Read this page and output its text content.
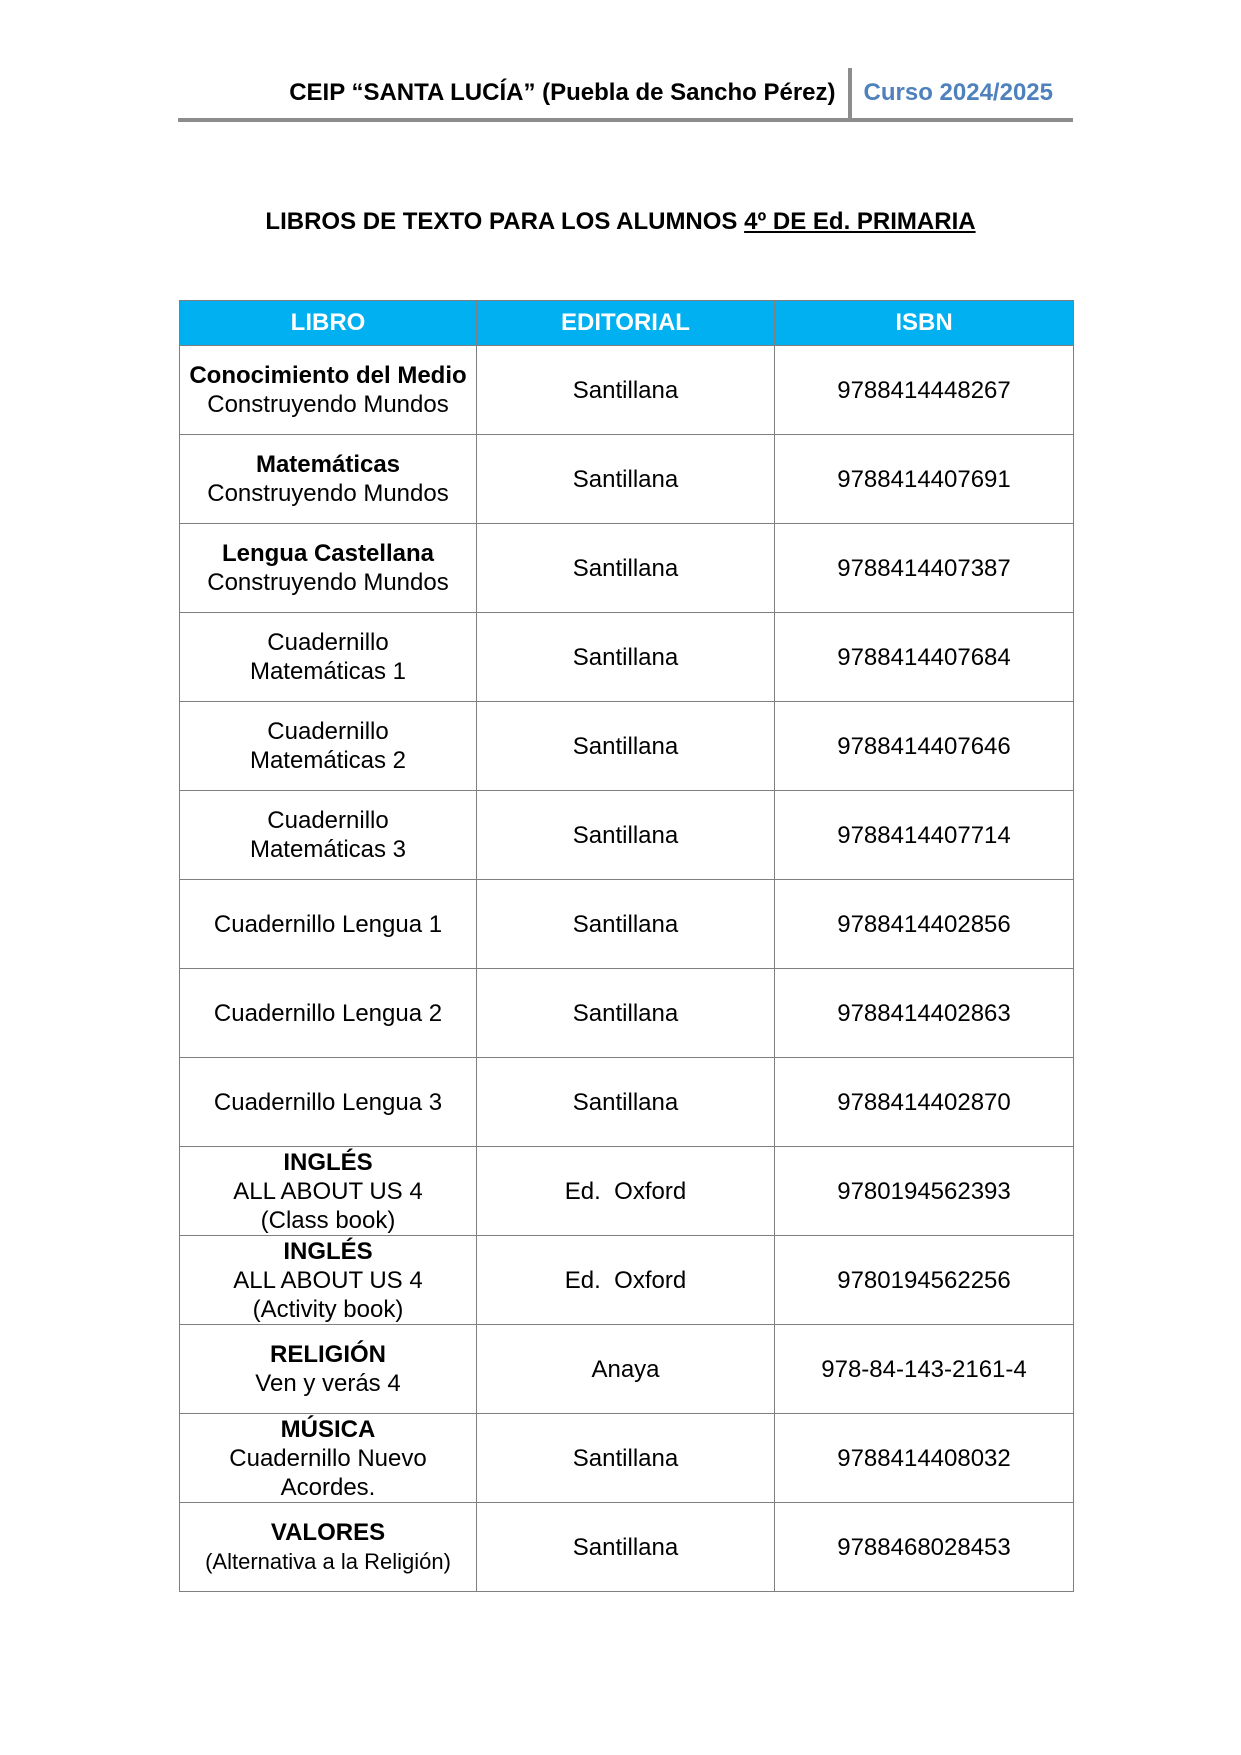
CEIP “SANTA LUCÍA” (Puebla de Sancho Pérez)	Curso 2024/2025
LIBROS DE TEXTO PARA LOS ALUMNOS 4º DE Ed. PRIMARIA
LIBRO	EDITORIAL	ISBN

Conocimiento del Medio
Construyendo Mundos	Santillana	9788414448267

Matemáticas
Construyendo Mundos	Santillana	9788414407691

Lengua Castellana
Construyendo Mundos	Santillana	9788414407387

Cuadernillo Matemáticas 1	Santillana	9788414407684

Cuadernillo Matemáticas 2	Santillana	9788414407646

Cuadernillo Matemáticas 3	Santillana	9788414407714

Cuadernillo Lengua 1	Santillana	9788414402856

Cuadernillo Lengua 2	Santillana	9788414402863

Cuadernillo Lengua 3	Santillana	9788414402870

INGLÉS
ALL ABOUT US 4
(Class book)	Ed.  Oxford	9780194562393

INGLÉS
ALL ABOUT US 4
(Activity book)	Ed.  Oxford	9780194562256

RELIGIÓN
Ven y verás 4	Anaya	978-84-143-2161-4

MÚSICA
Cuadernillo Nuevo Acordes.	Santillana	9788414408032

VALORES
(Alternativa a la Religión)	Santillana	9788468028453
